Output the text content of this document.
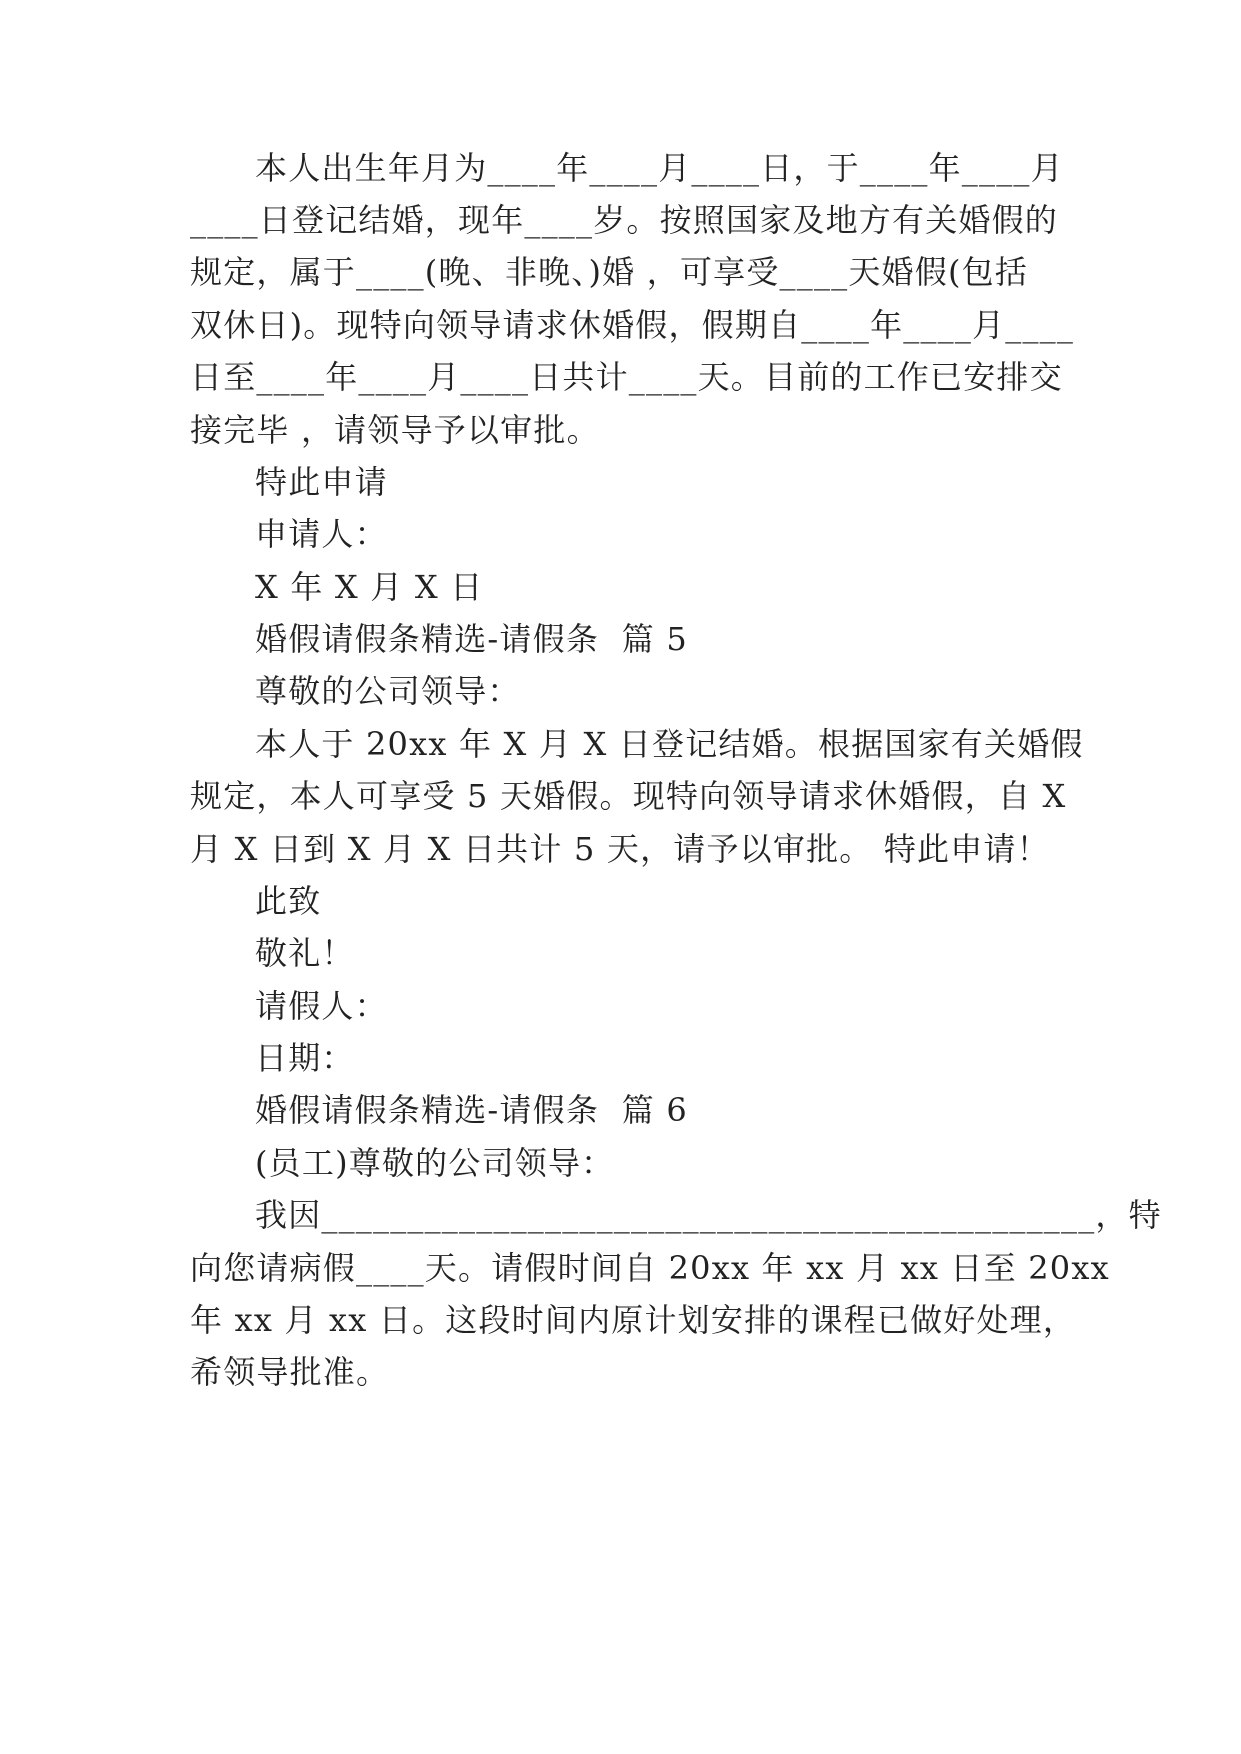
本人出生年月为____年____月____日，于____年____月
____日登记结婚，现年____岁。按照国家及地方有关婚假的
规定，属于____(晚、非晚、)婚 ，可享受____天婚假(包括
双休日)。现特向领导请求休婚假，假期自____年____月____
日至____年____月____日共计____天。目前的工作已安排交
接完毕 ，请领导予以审批。
特此申请
申请人：
X 年 X 月 X 日
婚假请假条精选-请假条  篇 5
尊敬的公司领导：
本人于 20xx 年 X 月 X 日登记结婚。根据国家有关婚假
规定，本人可享受 5 天婚假。现特向领导请求休婚假，自 X
月 X 日到 X 月 X 日共计 5 天，请予以审批。 特此申请！
此致
敬礼！
请假人：
日期：
婚假请假条精选-请假条  篇 6
(员工)尊敬的公司领导：
我因_____________________________________________，特
向您请病假____天。请假时间自 20xx 年 xx 月 xx 日至 20xx
年 xx 月 xx 日。这段时间内原计划安排的课程已做好处理，
希领导批准。
